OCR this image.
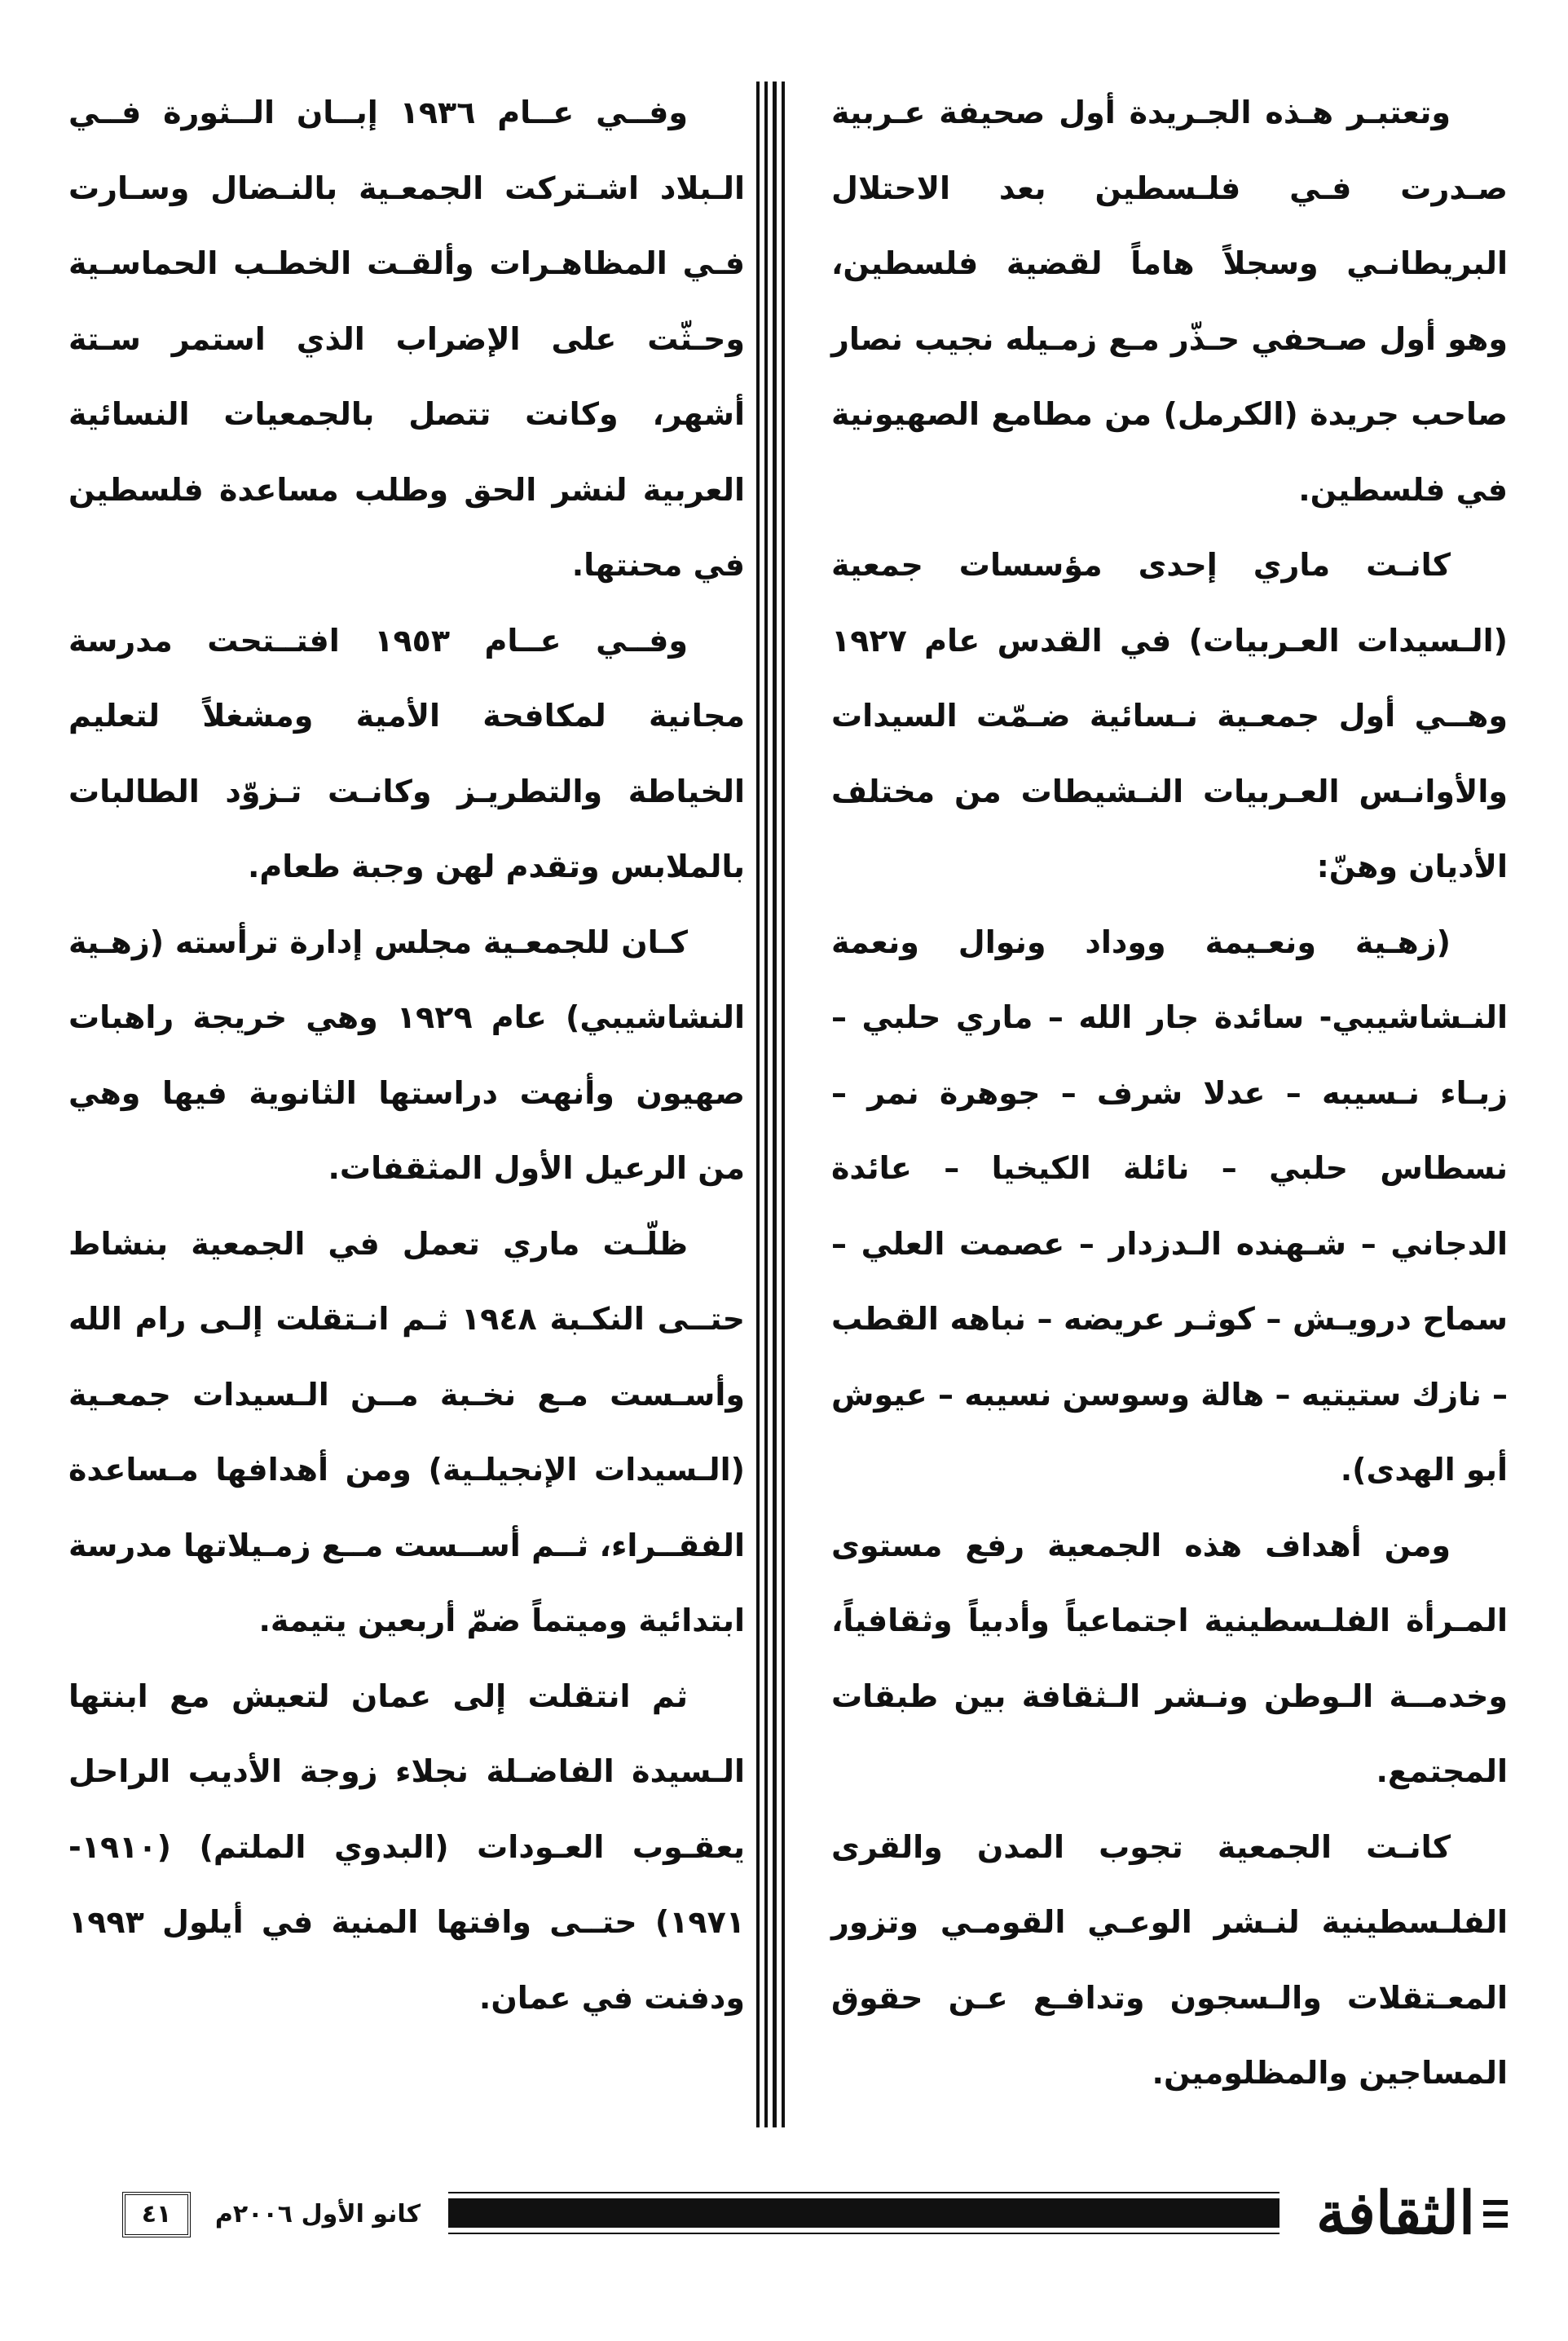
وتعتبـر هـذه الجـريدة أول صحيفة عـربية صـدرت فـي فلـسطين بعد الاحتلال البريطانـي وسجلاً هاماً لقضية فلسطين، وهو أول صـحفي حـذّر مـع زمـيله نجيب نصار صاحب جريدة (الكرمل) من مطامع الصهيونية في فلسطين.

كانـت ماري إحدى مؤسسات جمعية (الـسيدات العـربيات) في القدس عام ١٩٢٧ وهــي أول جمعـية نـسائية ضـمّت السيدات والأوانـس العـربيات النـشيطات من مختلف الأديان وهنّ:

(زهـية ونعـيمة ووداد ونوال ونعمة النـشاشيبي- سائدة جار الله – ماري حلبي – زبـاء نـسيبه – عدلا شرف – جوهرة نمر – نسطاس حلبي – نائلة الكيخيا – عائدة الدجاني – شـهنده الـدزدار – عصمت العلي – سماح درويـش – كوثـر عريضه – نباهه القطب – نازك ستيتيه – هالة وسوسن نسيبه – عيوش أبو الهدى).

ومن أهداف هذه الجمعية رفع مستوى المـرأة الفلـسطينية اجتماعياً وأدبياً وثقافياً، وخدمــة الـوطن ونـشر الـثقافة بين طبقات المجتمع.

كانـت الجمعية تجوب المدن والقرى الفلـسطينية لنـشر الوعـي القومـي وتزور المعـتقلات والـسجون وتدافـع عـن حقوق المساجين والمظلومين.

وفــي عــام ١٩٣٦ إبــان الــثورة فــي الـبلاد اشـتركت الجمعـية بالنـضال وسـارت فـي المظاهـرات وألقـت الخطـب الحماسـية وحـثّت على الإضراب الذي استمر سـتة أشهر، وكانت تتصل بالجمعيات النسائية العربية لنشر الحق وطلب مساعدة فلسطين في محنتها.

وفــي عــام ١٩٥٣ افتــتحت مدرسة مجانية لمكافحة الأمية ومشغلاً لتعليم الخياطة والتطريـز وكانـت تـزوّد الطالبات بالملابس وتقدم لهن وجبة طعام.

كـان للجمعـية مجلس إدارة ترأسته (زهـية النشاشيبي) عام ١٩٢٩ وهي خريجة راهبات صهيون وأنهت دراستها الثانوية فيها وهي من الرعيل الأول المثقفات.

ظلّـت ماري تعمل في الجمعية بنشاط حتــى النكـبة ١٩٤٨ ثـم انـتقلت إلـى رام الله وأسـست مـع نخـبة مــن الـسيدات جمعـية (الـسيدات الإنجيلـية) ومن أهدافها مـساعدة الفقــراء، ثــم أســست مــع زمـيلاتها مدرسة ابتدائية وميتماً ضمّ أربعين يتيمة.

ثم انتقلت إلى عمان لتعيش مع ابنتها الـسيدة الفاضـلة نجلاء زوجة الأديب الراحل يعقـوب العـودات (البدوي الملتم) (١٩١٠- ١٩٧١) حتــى وافتها المنية في أيلول ١٩٩٣ ودفنت في عمان.

٤١	كانو الأول ٢٠٠٦م	الثقافة
